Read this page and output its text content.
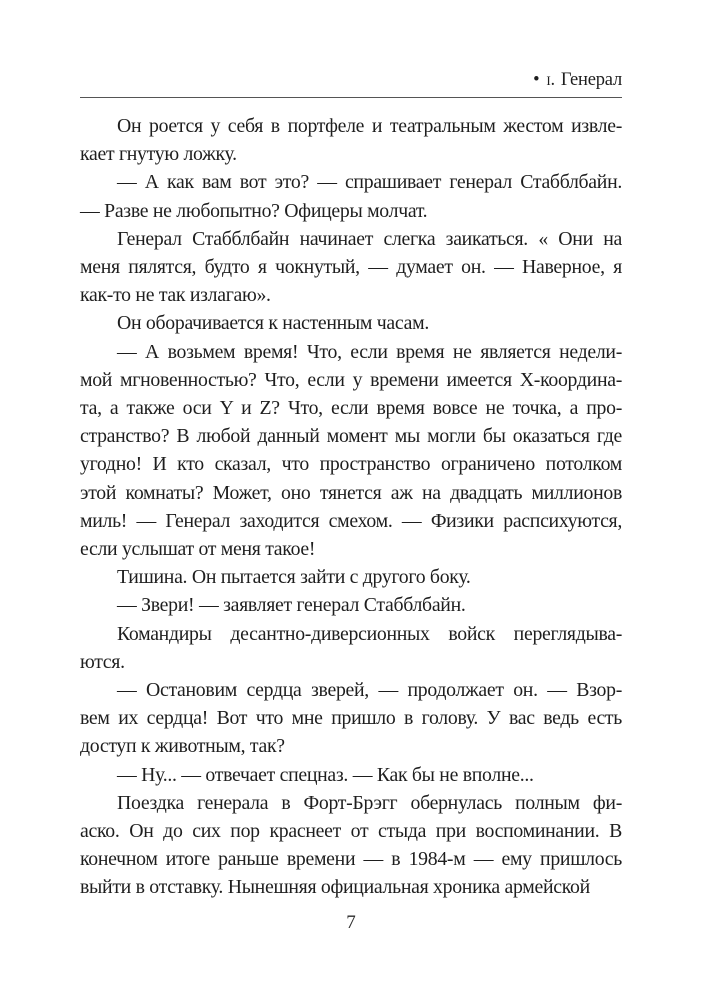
• i. Генерал
Он роется у себя в портфеле и театральным жестом извле-
кает гнутую ложку.
— А как вам вот это? — спрашивает генерал Стабблбайн.
— Разве не любопытно? Офицеры молчат.
Генерал Стабблбайн начинает слегка заикаться. « Они на
меня пялятся, будто я чокнутый, — думает он. — Наверное, я
как-то не так излагаю».
Он оборачивается к настенным часам.
— А возьмем время! Что, если время не является недели-
мой мгновенностью? Что, если у времени имеется Х-координа-
та, а также оси Y и Z? Что, если время вовсе не точка, а про-
странство? В любой данный момент мы могли бы оказаться где
угодно! И кто сказал, что пространство ограничено потолком
этой комнаты? Может, оно тянется аж на двадцать миллионов
миль! — Генерал заходится смехом. — Физики распсихуются,
если услышат от меня такое!
Тишина. Он пытается зайти с другого боку.
— Звери! — заявляет генерал Стабблбайн.
Командиры десантно-диверсионных войск переглядыва-
ются.
— Остановим сердца зверей, — продолжает он. — Взор-
вем их сердца! Вот что мне пришло в голову. У вас ведь есть
доступ к животным, так?
— Ну... — отвечает спецназ. — Как бы не вполне...
Поездка генерала в Форт-Брэгг обернулась полным фи-
аско. Он до сих пор краснеет от стыда при воспоминании. В
конечном итоге раньше времени — в 1984-м — ему пришлось
выйти в отставку. Нынешняя официальная хроника армейской
7
